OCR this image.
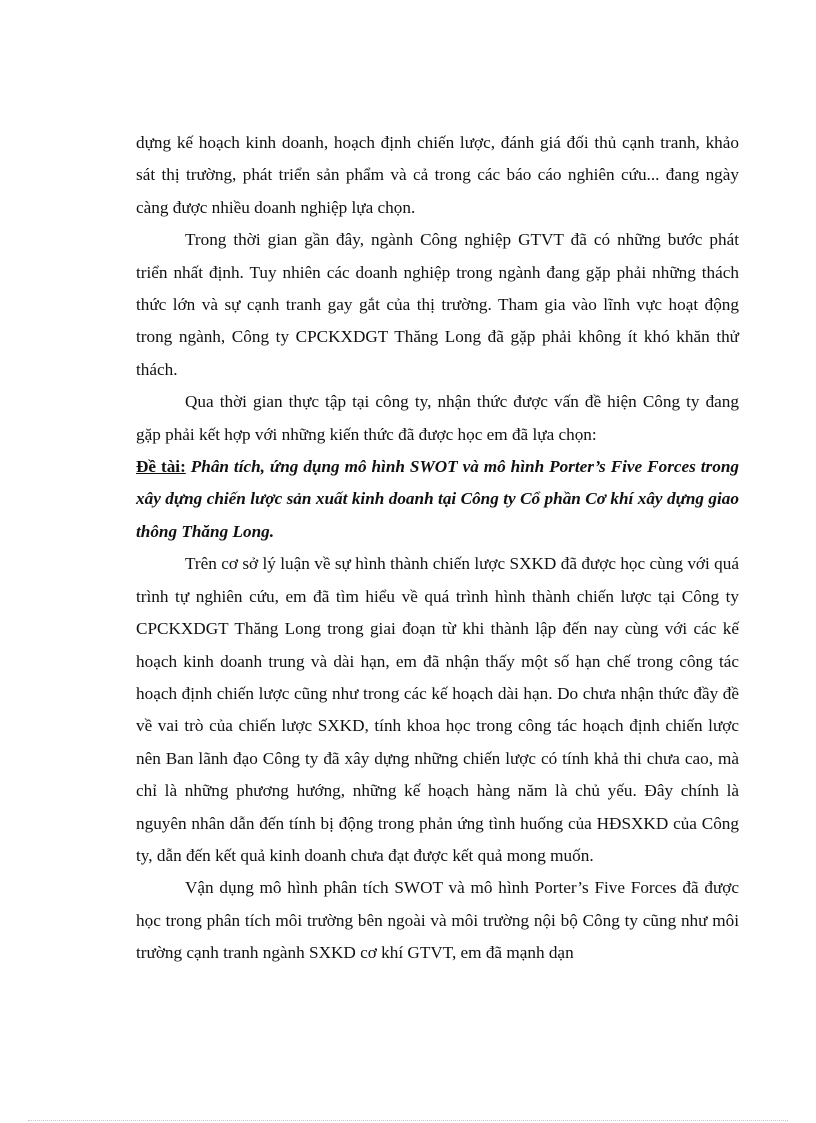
dựng kế hoạch kinh doanh, hoạch định chiến lược, đánh giá đối thủ cạnh tranh, khảo sát thị trường, phát triển sản phẩm và cả trong các báo cáo nghiên cứu... đang ngày càng được nhiều doanh nghiệp lựa chọn.

Trong thời gian gần đây, ngành Công nghiệp GTVT đã có những bước phát triển nhất định. Tuy nhiên các doanh nghiệp trong ngành đang gặp phải những thách thức lớn và sự cạnh tranh gay gắt của thị trường. Tham gia vào lĩnh vực hoạt động trong ngành, Công ty CPCKXDGT Thăng Long đã gặp phải không ít khó khăn thử thách.

Qua thời gian thực tập tại công ty, nhận thức được vấn đề hiện Công ty đang gặp phải kết hợp với những kiến thức đã được học em đã lựa chọn:

Đề tài: Phân tích, ứng dụng mô hình SWOT và mô hình Porter’s Five Forces trong xây dựng chiến lược sản xuất kinh doanh tại Công ty Cổ phần Cơ khí xây dựng giao thông Thăng Long.

Trên cơ sở lý luận về sự hình thành chiến lược SXKD đã được học cùng với quá trình tự nghiên cứu, em đã tìm hiểu về quá trình hình thành chiến lược tại Công ty CPCKXDGT Thăng Long trong giai đoạn từ khi thành lập đến nay cùng với các kế hoạch kinh doanh trung và dài hạn, em đã nhận thấy một số hạn chế trong công tác hoạch định chiến lược cũng như trong các kế hoạch dài hạn. Do chưa nhận thức đầy đề về vai trò của chiến lược SXKD, tính khoa học trong công tác hoạch định chiến lược nên Ban lãnh đạo Công ty đã xây dựng những chiến lược có tính khả thi chưa cao, mà chỉ là những phương hướng, những kế hoạch hàng năm là chủ yếu. Đây chính là nguyên nhân dẫn đến tính bị động trong phản ứng tình huống của HĐSXKD của Công ty, dẫn đến kết quả kinh doanh chưa đạt được kết quả mong muốn.

Vận dụng mô hình phân tích SWOT và mô hình Porter’s Five Forces đã được học trong phân tích môi trường bên ngoài và môi trường nội bộ Công ty cũng như môi trường cạnh tranh ngành SXKD cơ khí GTVT, em đã mạnh dạn
